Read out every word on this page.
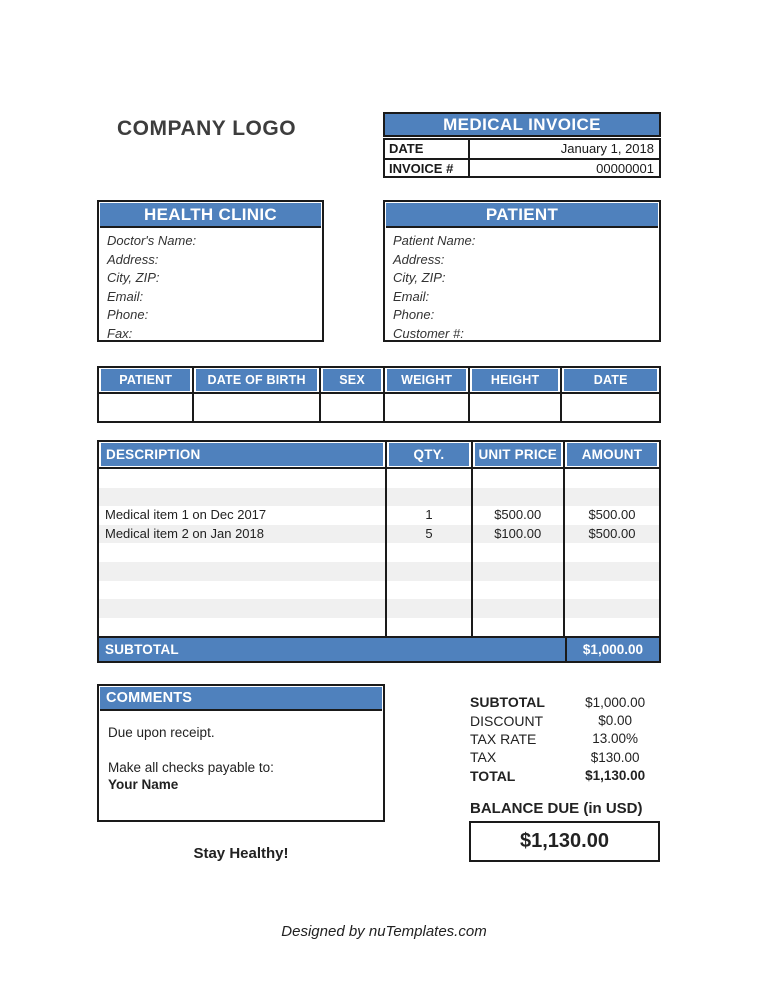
COMPANY LOGO	MEDICAL INVOICE
DATE	January 1, 2018
INVOICE #	00000001
HEALTH CLINIC
Doctor's Name:
Address:
City, ZIP:
Email:
Phone:
Fax:
PATIENT
Patient Name:
Address:
City, ZIP:
Email:
Phone:
Customer #:
PATIENT	DATE OF BIRTH	SEX	WEIGHT	HEIGHT	DATE
DESCRIPTION	QTY.	UNIT PRICE	AMOUNT
Medical item 1 on Dec 2017	1	$500.00	$500.00
Medical item 2 on Jan 2018	5	$100.00	$500.00
SUBTOTAL	$1,000.00
COMMENTS
Due upon receipt.
Make all checks payable to:
Your Name
SUBTOTAL	$1,000.00
DISCOUNT	$0.00
TAX RATE	13.00%
TAX	$130.00
TOTAL	$1,130.00
BALANCE DUE (in USD)
$1,130.00
Stay Healthy!
Designed by nuTemplates.com
